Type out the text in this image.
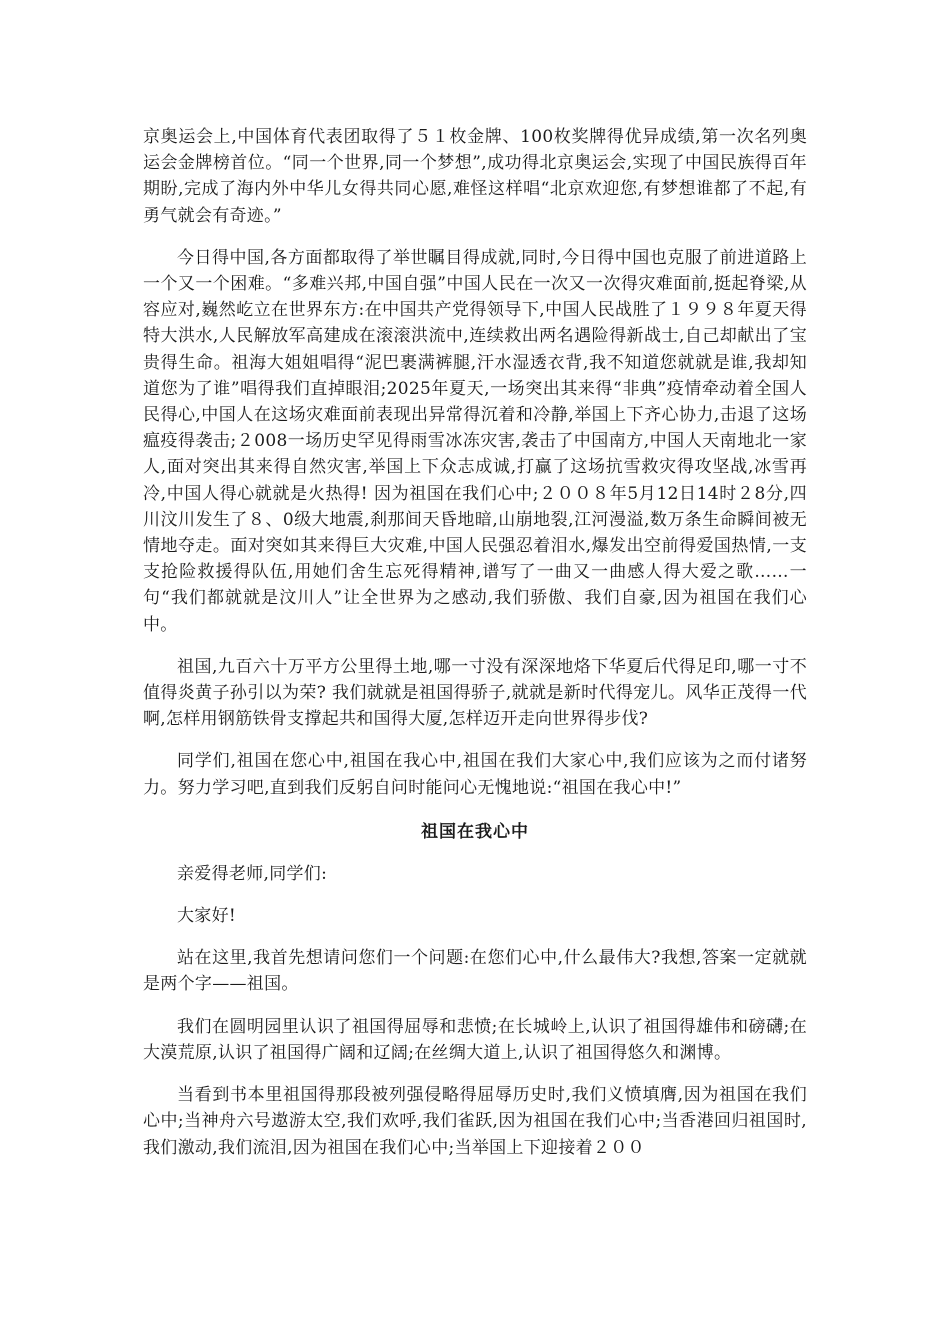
京奥运会上,中国体育代表团取得了５１枚金牌、100枚奖牌得优异成绩,第一次名列奥运会金牌榜首位。“同一个世界,同一个梦想”,成功得北京奥运会,实现了中国民族得百年期盼,完成了海内外中华儿女得共同心愿,难怪这样唱“北京欢迎您,有梦想谁都了不起,有勇气就会有奇迹。”

今日得中国,各方面都取得了举世瞩目得成就,同时,今日得中国也克服了前进道路上一个又一个困难。“多难兴邦,中国自强”中国人民在一次又一次得灾难面前,挺起脊梁,从容应对,巍然屹立在世界东方:在中国共产党得领导下,中国人民战胜了１９９８年夏天得特大洪水,人民解放军高建成在滚滚洪流中,连续救出两名遇险得新战士,自己却献出了宝贵得生命。祖海大姐姐唱得“泥巴裹满裤腿,汗水湿透衣背,我不知道您就就是谁,我却知道您为了谁”唱得我们直掉眼泪;2025年夏天,一场突出其来得“非典”疫情牵动着全国人民得心,中国人在这场灾难面前表现出异常得沉着和冷静,举国上下齐心协力,击退了这场瘟疫得袭击;２008一场历史罕见得雨雪冰冻灾害,袭击了中国南方,中国人天南地北一家人,面对突出其来得自然灾害,举国上下众志成诚,打赢了这场抗雪救灾得攻坚战,冰雪再冷,中国人得心就就是火热得! 因为祖国在我们心中;２００８年5月12日14时２8分,四川汶川发生了８、0级大地震,刹那间天昏地暗,山崩地裂,江河漫溢,数万条生命瞬间被无情地夺走。面对突如其来得巨大灾难,中国人民强忍着泪水,爆发出空前得爱国热情,一支支抢险救援得队伍,用她们舍生忘死得精神,谱写了一曲又一曲感人得大爱之歌……一句“我们都就就是汶川人”让全世界为之感动,我们骄傲、我们自豪,因为祖国在我们心中。

祖国,九百六十万平方公里得土地,哪一寸没有深深地烙下华夏后代得足印,哪一寸不值得炎黄子孙引以为荣? 我们就就是祖国得骄子,就就是新时代得宠儿。风华正茂得一代啊,怎样用钢筋铁骨支撑起共和国得大厦,怎样迈开走向世界得步伐?

同学们,祖国在您心中,祖国在我心中,祖国在我们大家心中,我们应该为之而付诸努力。努力学习吧,直到我们反躬自问时能问心无愧地说:“祖国在我心中!”

祖国在我心中

亲爱得老师,同学们:

大家好!

站在这里,我首先想请问您们一个问题:在您们心中,什么最伟大?我想,答案一定就就是两个字——祖国。

我们在圆明园里认识了祖国得屈辱和悲愤;在长城岭上,认识了祖国得雄伟和磅礴;在大漠荒原,认识了祖国得广阔和辽阔;在丝绸大道上,认识了祖国得悠久和渊博。

当看到书本里祖国得那段被列强侵略得屈辱历史时,我们义愤填膺,因为祖国在我们心中;当神舟六号遨游太空,我们欢呼,我们雀跃,因为祖国在我们心中;当香港回归祖国时,我们激动,我们流泪,因为祖国在我们心中;当举国上下迎接着２００
